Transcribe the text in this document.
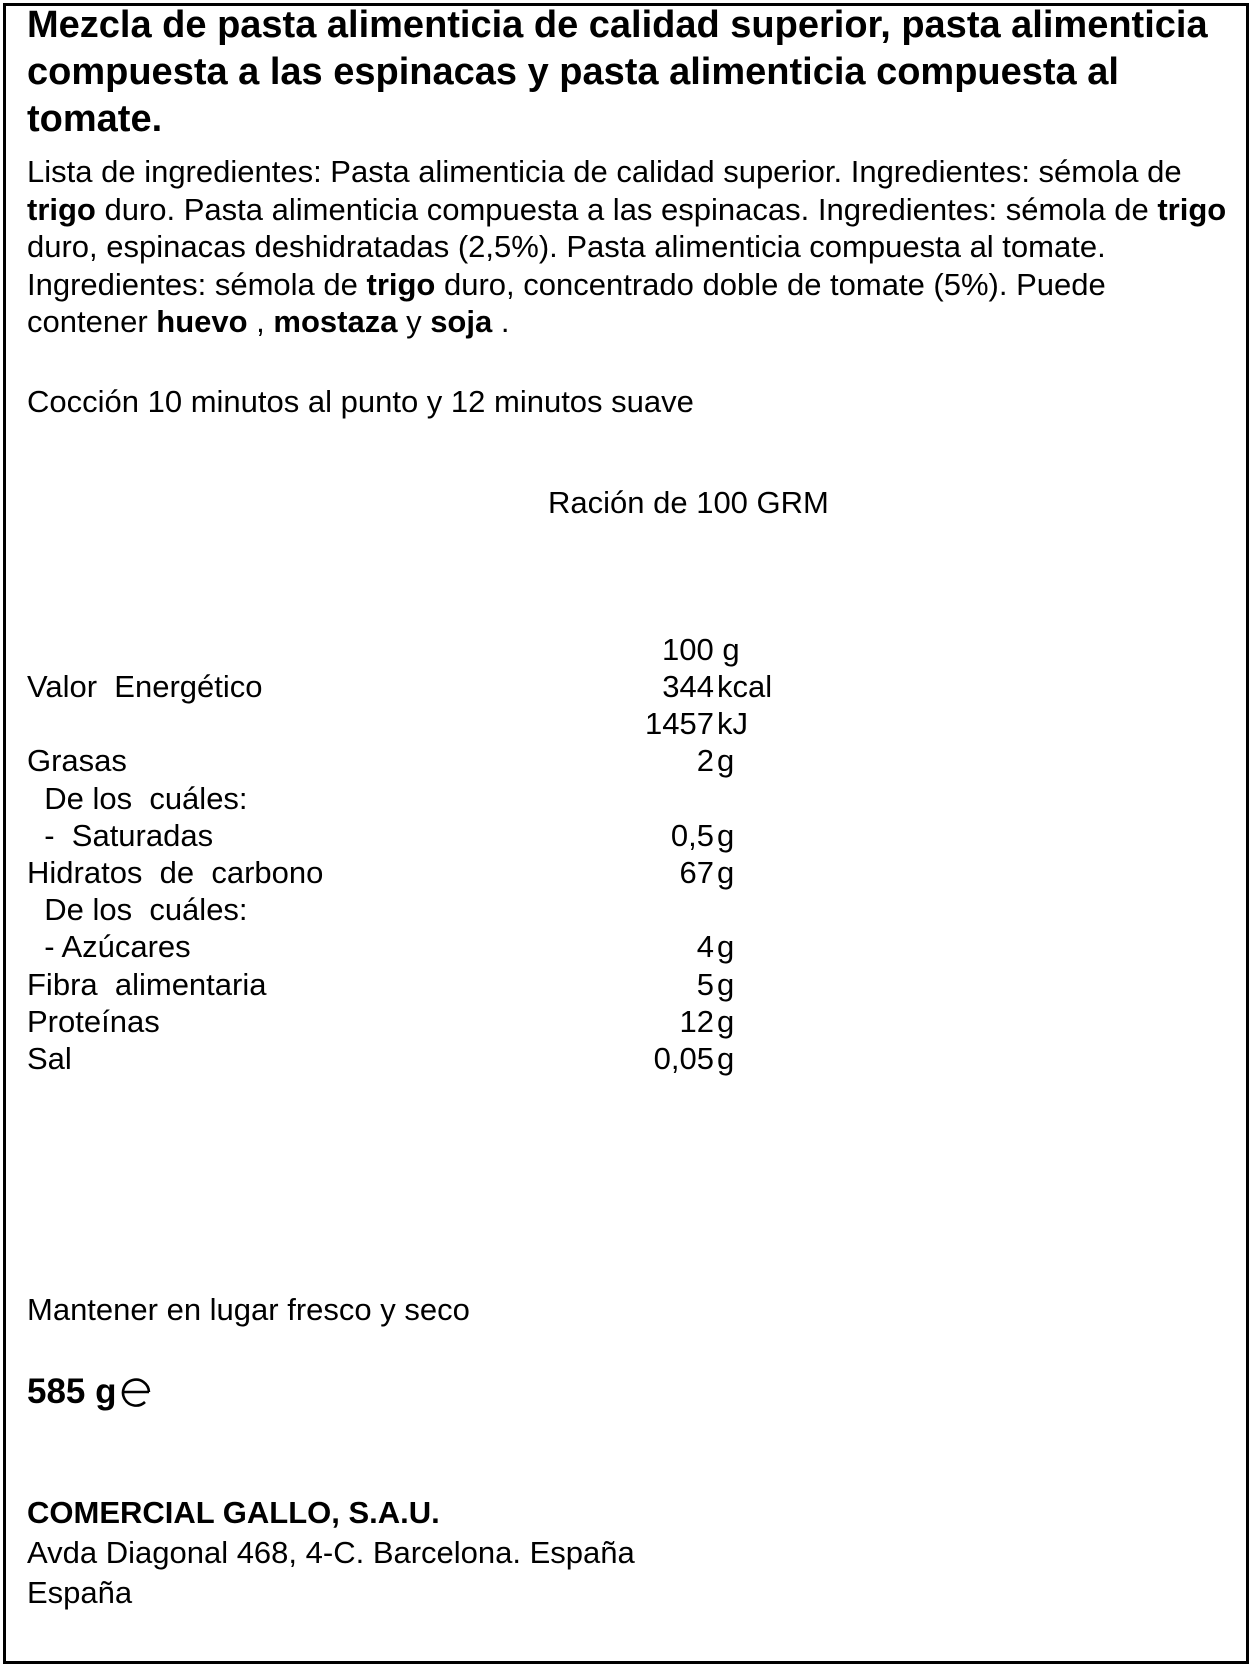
Mezcla de pasta alimenticia de calidad superior, pasta alimenticia compuesta a las espinacas y pasta alimenticia compuesta al tomate.
Lista de ingredientes: Pasta alimenticia de calidad superior. Ingredientes: sémola de trigo duro. Pasta alimenticia compuesta a las espinacas. Ingredientes: sémola de trigo duro, espinacas deshidratadas (2,5%). Pasta alimenticia compuesta al tomate. Ingredientes: sémola de trigo duro, concentrado doble de tomate (5%). Puede contener huevo , mostaza y soja .
Cocción 10 minutos al punto y 12 minutos suave
Ración de 100 GRM
100 g
Valor  Energético	344 kcal
1457 kJ
Grasas	2 g
De los  cuáles:
-  Saturadas	0,5 g
Hidratos  de  carbono	67 g
De los  cuáles:
- Azúcares	4 g
Fibra  alimentaria	5 g
Proteínas	12 g
Sal	0,05 g
Mantener en lugar fresco y seco
585 g
COMERCIAL GALLO, S.A.U.
Avda Diagonal 468, 4-C. Barcelona. España
España
